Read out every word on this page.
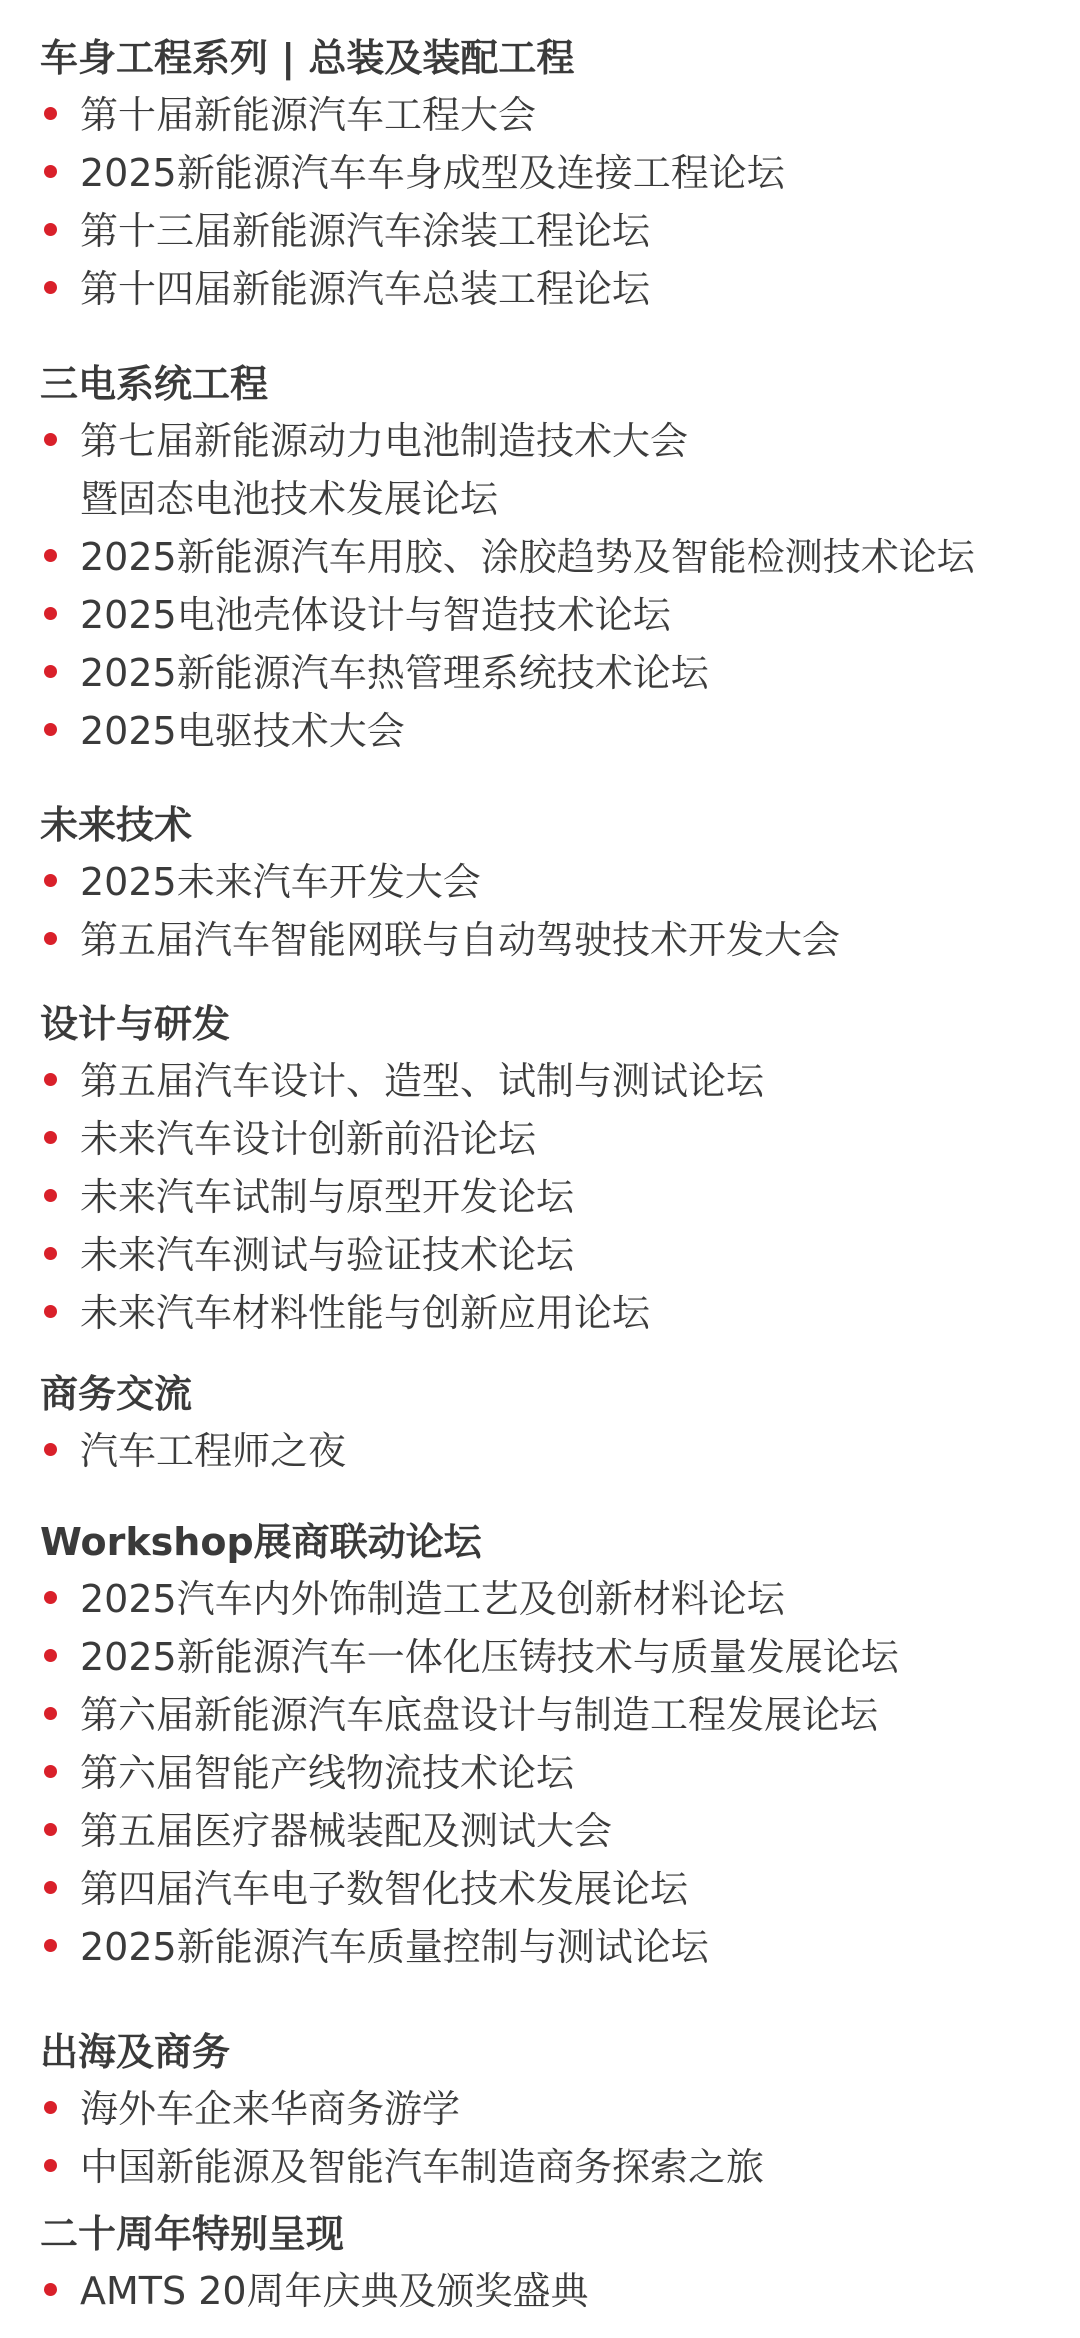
车身工程系列 | 总装及装配工程
第十届新能源汽车工程大会
2025新能源汽车车身成型及连接工程论坛
第十三届新能源汽车涂装工程论坛
第十四届新能源汽车总装工程论坛
三电系统工程
第七届新能源动力电池制造技术大会
暨固态电池技术发展论坛
2025新能源汽车用胶、涂胶趋势及智能检测技术论坛
2025电池壳体设计与智造技术论坛
2025新能源汽车热管理系统技术论坛
2025电驱技术大会
未来技术
2025未来汽车开发大会
第五届汽车智能网联与自动驾驶技术开发大会
设计与研发
第五届汽车设计、造型、试制与测试论坛
未来汽车设计创新前沿论坛
未来汽车试制与原型开发论坛
未来汽车测试与验证技术论坛
未来汽车材料性能与创新应用论坛
商务交流
汽车工程师之夜
Workshop展商联动论坛
2025汽车内外饰制造工艺及创新材料论坛
2025新能源汽车一体化压铸技术与质量发展论坛
第六届新能源汽车底盘设计与制造工程发展论坛
第六届智能产线物流技术论坛
第五届医疗器械装配及测试大会
第四届汽车电子数智化技术发展论坛
2025新能源汽车质量控制与测试论坛
出海及商务
海外车企来华商务游学
中国新能源及智能汽车制造商务探索之旅
二十周年特别呈现
AMTS 20周年庆典及颁奖盛典
